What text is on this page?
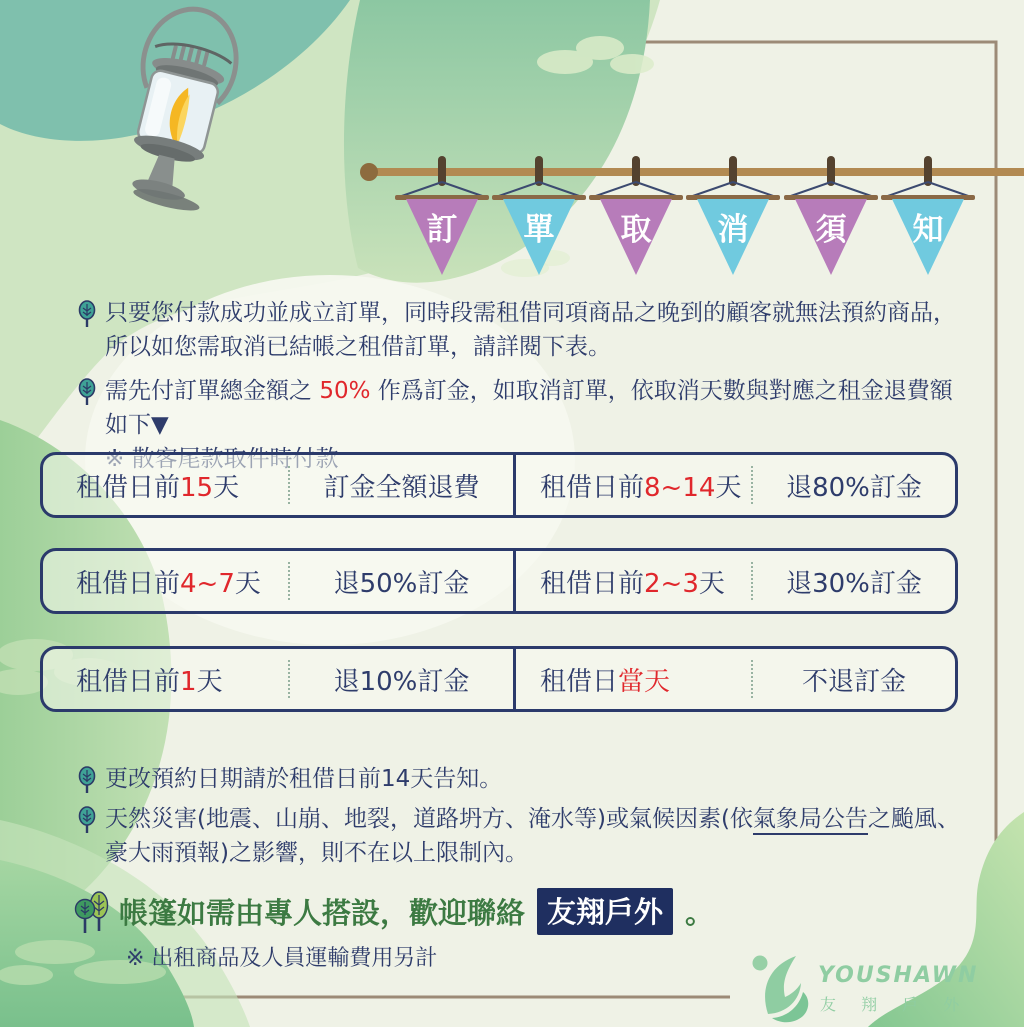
YOUSHAWN
友 翔 戶 外
訂	單	取	消	須	知

只要您付款成功並成立訂單，同時段需租借同項商品之晚到的顧客就無法預約商品，所以如您需取消已結帳之租借訂單，請詳閱下表。

需先付訂單總金額之 50% 作爲訂金，如取消訂單，依取消天數與對應之租金退費額如下▼

租借日前15天	訂金全額退費	租借日前8~14天	退80%訂金
租借日前4~7天	退50%訂金	租借日前2~3天	退30%訂金
租借日前1天	退10%訂金	租借日當天	不退訂金

更改預約日期請於租借日前14天告知。

天然災害(地震、山崩、地裂，道路坍方、淹水等)或氣候因素(依氣象局公告之颱風、豪大雨預報)之影響，則不在以上限制內。

帳篷如需由專人搭設，歡迎聯絡 友翔戶外 。
※ 出租商品及人員運輸費用另計
